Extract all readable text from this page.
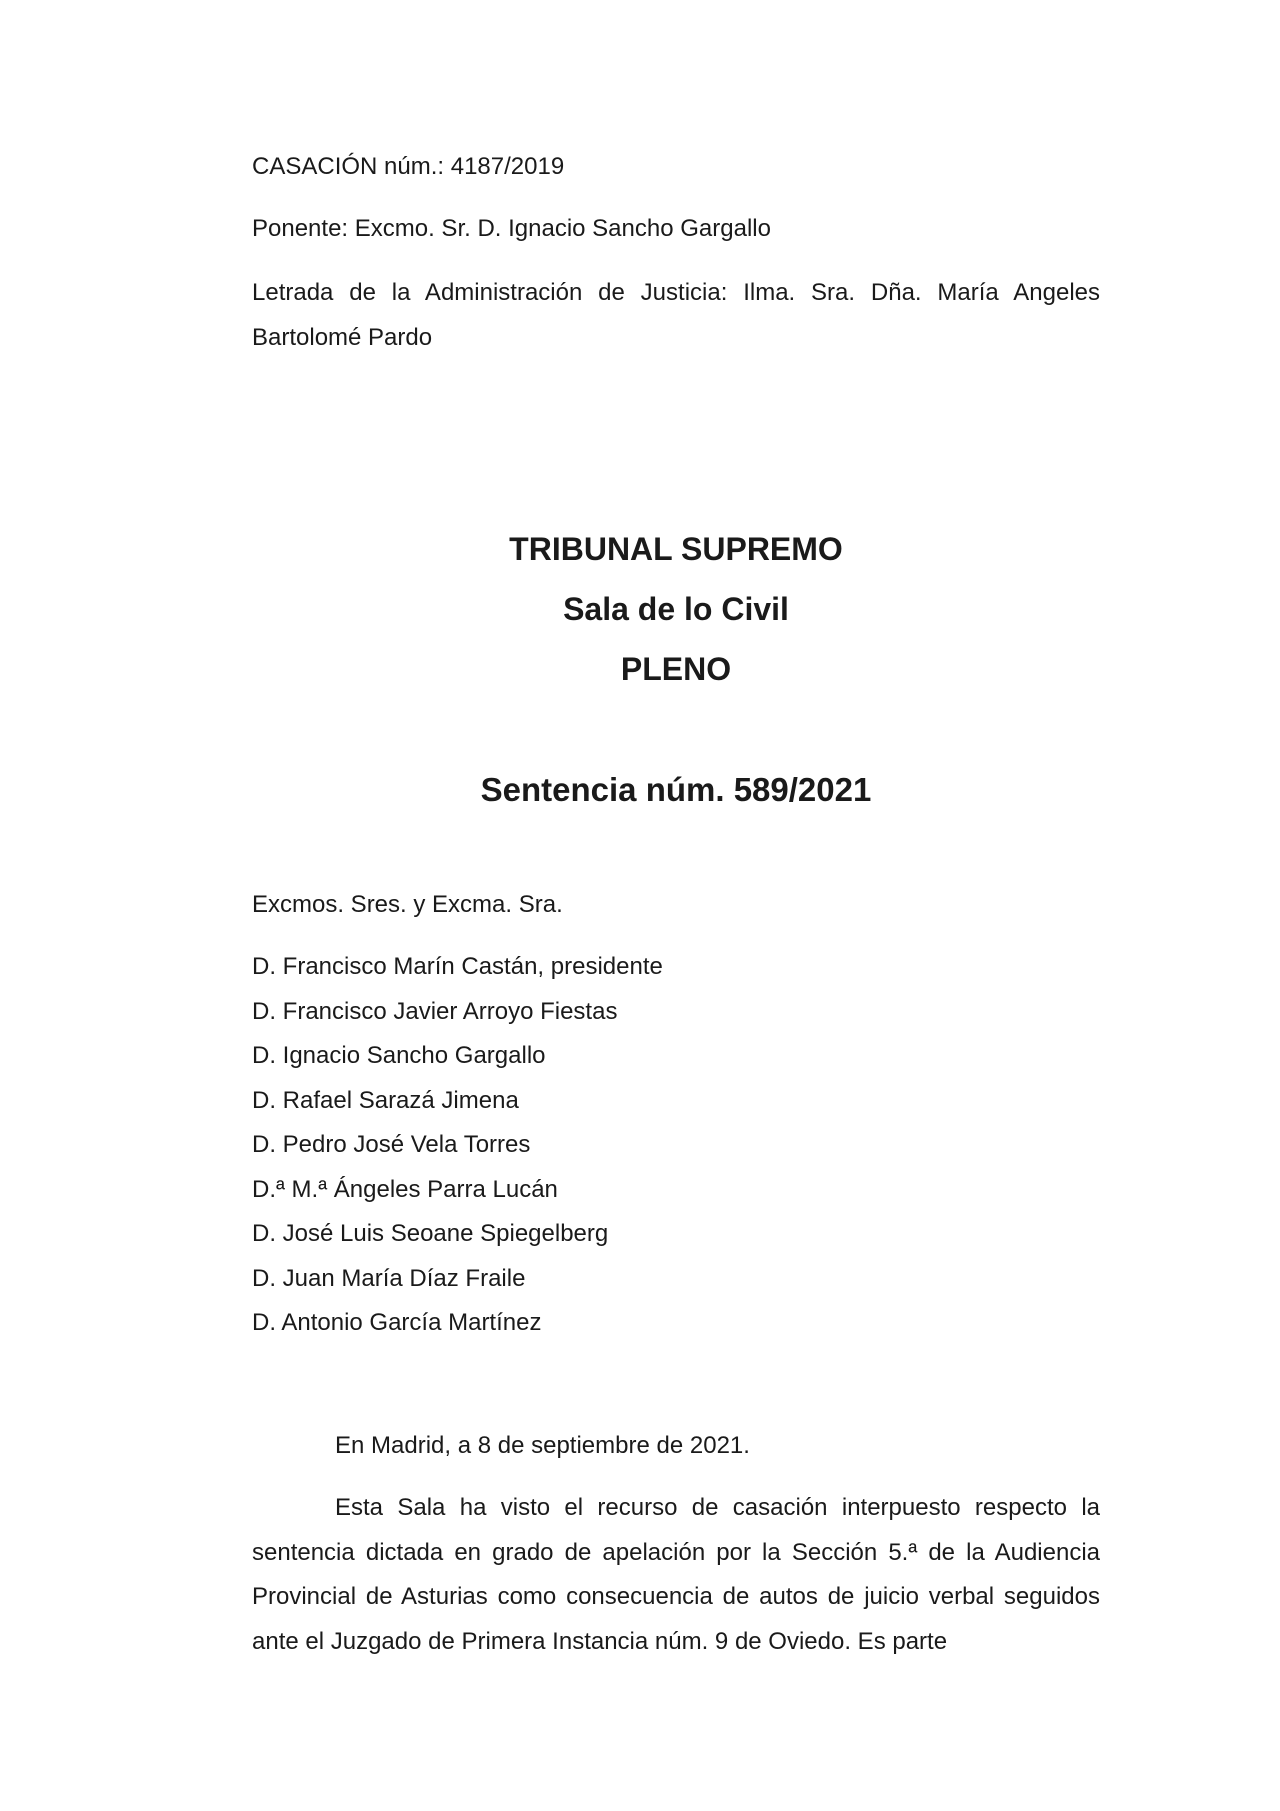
CASACIÓN núm.: 4187/2019
Ponente: Excmo. Sr. D. Ignacio Sancho Gargallo
Letrada de la Administración de Justicia: Ilma. Sra. Dña. María Angeles Bartolomé Pardo
TRIBUNAL SUPREMO
Sala de lo Civil
PLENO
Sentencia núm. 589/2021
Excmos. Sres. y Excma. Sra.
D. Francisco Marín Castán, presidente
D. Francisco Javier Arroyo Fiestas
D. Ignacio Sancho Gargallo
D. Rafael Sarazá Jimena
D. Pedro José Vela Torres
D.ª M.ª Ángeles Parra Lucán
D. José Luis Seoane Spiegelberg
D. Juan María Díaz Fraile
D. Antonio García Martínez
En Madrid, a 8 de septiembre de 2021.
Esta Sala ha visto el recurso de casación interpuesto respecto la sentencia dictada en grado de apelación por la Sección 5.ª de la Audiencia Provincial de Asturias como consecuencia de autos de juicio verbal seguidos ante el Juzgado de Primera Instancia núm. 9 de Oviedo. Es parte
